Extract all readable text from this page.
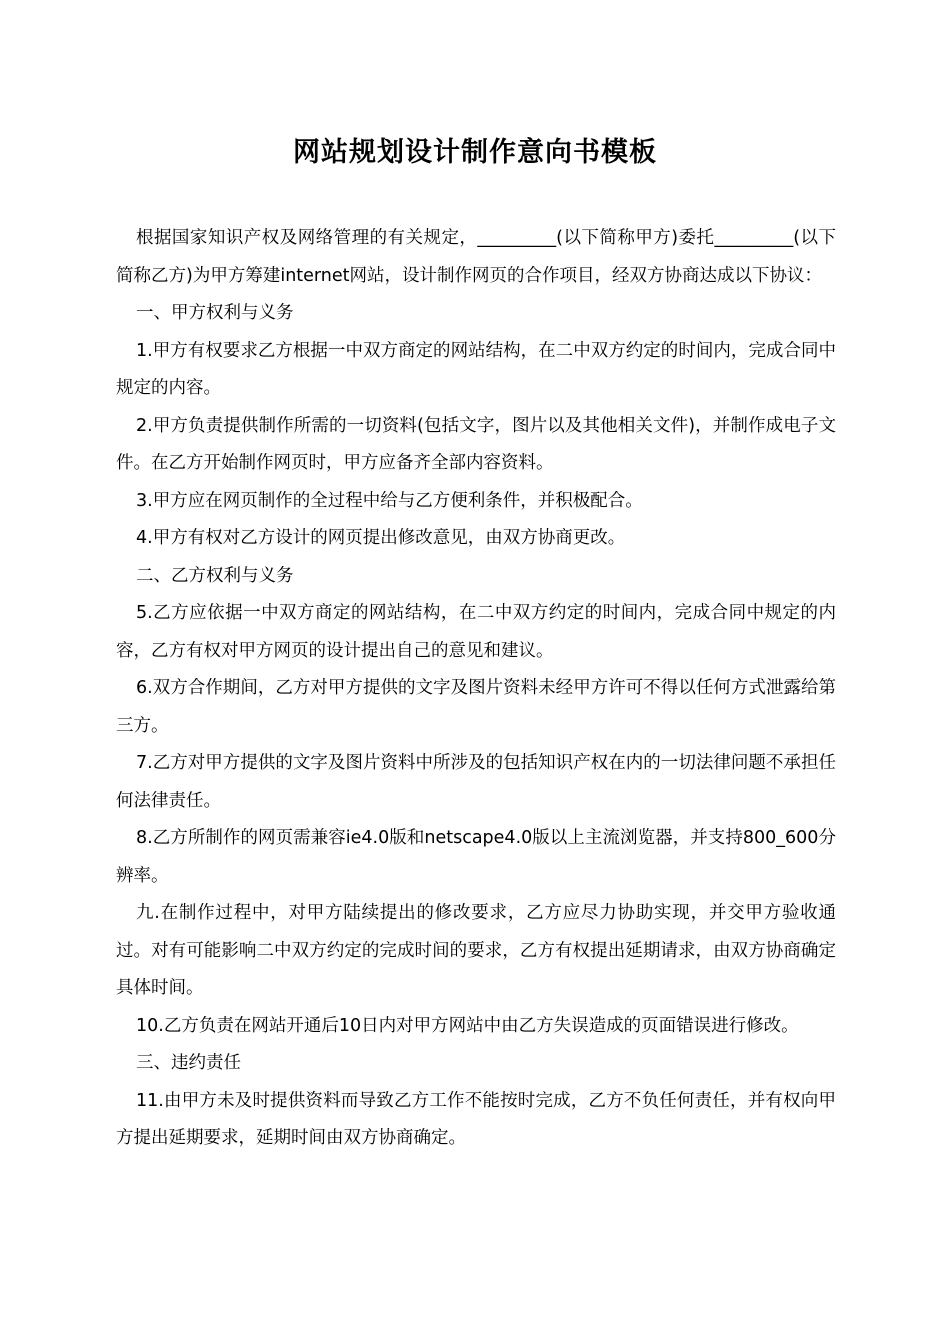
网站规划设计制作意向书模板

根据国家知识产权及网络管理的有关规定，_________(以下简称甲方)委托_________(以下简称乙方)为甲方筹建internet网站，设计制作网页的合作项目，经双方协商达成以下协议：

一、甲方权利与义务

1.甲方有权要求乙方根据一中双方商定的网站结构，在二中双方约定的时间内，完成合同中规定的内容。

2.甲方负责提供制作所需的一切资料(包括文字，图片以及其他相关文件)，并制作成电子文件。在乙方开始制作网页时，甲方应备齐全部内容资料。

3.甲方应在网页制作的全过程中给与乙方便利条件，并积极配合。

4.甲方有权对乙方设计的网页提出修改意见，由双方协商更改。

二、乙方权利与义务

5.乙方应依据一中双方商定的网站结构，在二中双方约定的时间内，完成合同中规定的内容，乙方有权对甲方网页的设计提出自己的意见和建议。

6.双方合作期间，乙方对甲方提供的文字及图片资料未经甲方许可不得以任何方式泄露给第三方。

7.乙方对甲方提供的文字及图片资料中所涉及的包括知识产权在内的一切法律问题不承担任何法律责任。

8.乙方所制作的网页需兼容ie4.0版和netscape4.0版以上主流浏览器，并支持800_600分辨率。

九.在制作过程中，对甲方陆续提出的修改要求，乙方应尽力协助实现，并交甲方验收通过。对有可能影响二中双方约定的完成时间的要求，乙方有权提出延期请求，由双方协商确定具体时间。

10.乙方负责在网站开通后10日内对甲方网站中由乙方失误造成的页面错误进行修改。

三、违约责任

11.由甲方未及时提供资料而导致乙方工作不能按时完成，乙方不负任何责任，并有权向甲方提出延期要求，延期时间由双方协商确定。
